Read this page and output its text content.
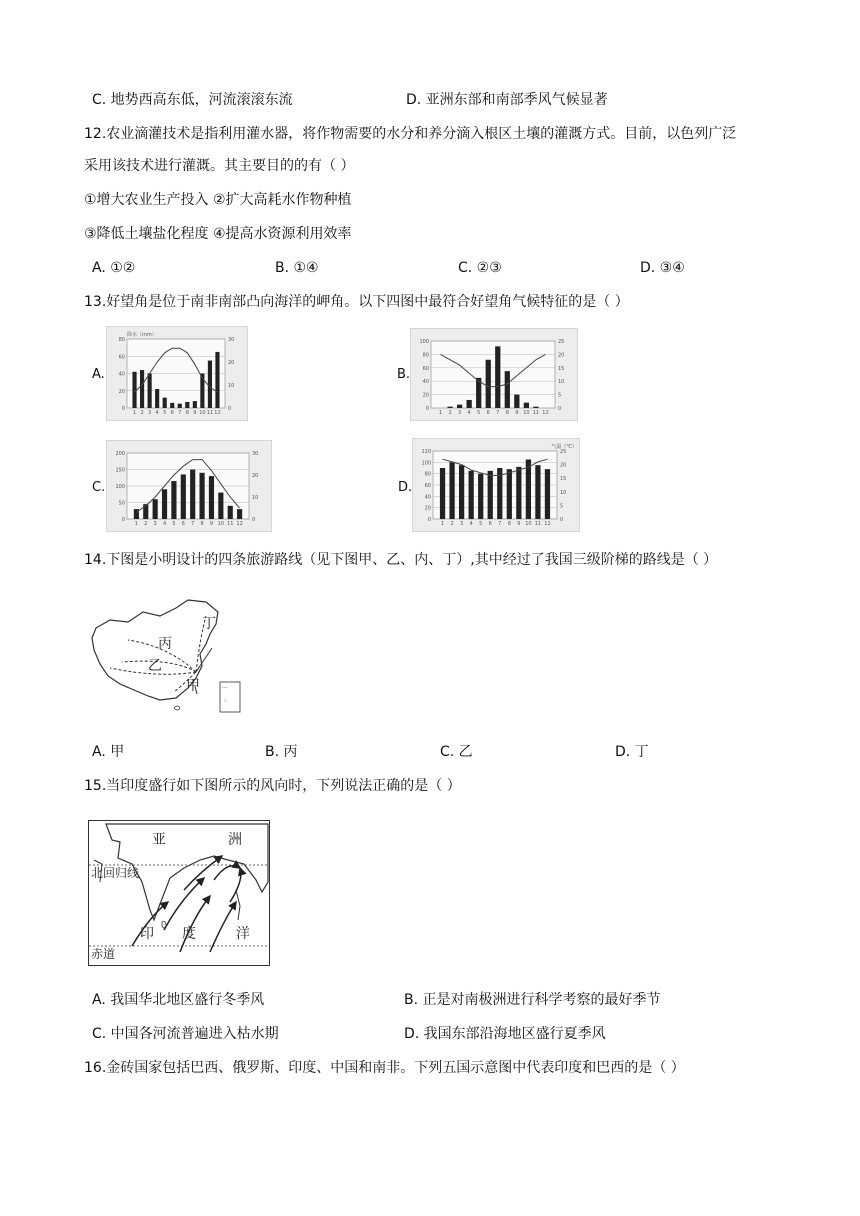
C. 地势西高东低，河流滚滚东流	D. 亚洲东部和南部季风气候显著
12.农业滴灌技术是指利用灌水器，将作物需要的水分和养分滴入根区土壤的灌溉方式。目前，以色列广泛
采用该技术进行灌溉。其主要目的的有（ ）
①增大农业生产投入 ②扩大高耗水作物种植
③降低土壤盐化程度 ④提高水资源利用效率
A. ①②	B. ①④	C. ②③	D. ③④
13.好望角是位于南非南部凸向海洋的岬角。以下四图中最符合好望角气候特征的是（ ）
A.
80
60
40
20
0
30
20
10
0
降水（mm）
1 2 3 4 5 6 7 8 9 10 11 12
B.
100
80
60
40
20
0
25
20
15
10
5
0
1 2 3 4 5 6 7 8 9 10 11 12
C.
200
150
100
50
0
30
20
10
0
1 2 3 4 5 6 7 8 9 10 11 12
D.
120
100
80
60
40
20
0
25
20
15
10
5
0
气温（℃）
1 2 3 4 5 6 7 8 9 10 11 12
14.下图是小明设计的四条旅游路线（见下图甲、乙、内、丁）,其中经过了我国三级阶梯的路线是（ ）
···
:·
丁
丙
乙
甲
A. 甲	B. 丙	C. 乙	D. 丁
15.当印度盛行如下图所示的风向时，下列说法正确的是（ ）
亚	洲
北回归线
印 度	洋
赤道
A. 我国华北地区盛行冬季风	B. 正是对南极洲进行科学考察的最好季节
C. 中国各河流普遍进入枯水期	D. 我国东部沿海地区盛行夏季风
16.金砖国家包括巴西、俄罗斯、印度、中国和南非。下列五国示意图中代表印度和巴西的是（ ）
